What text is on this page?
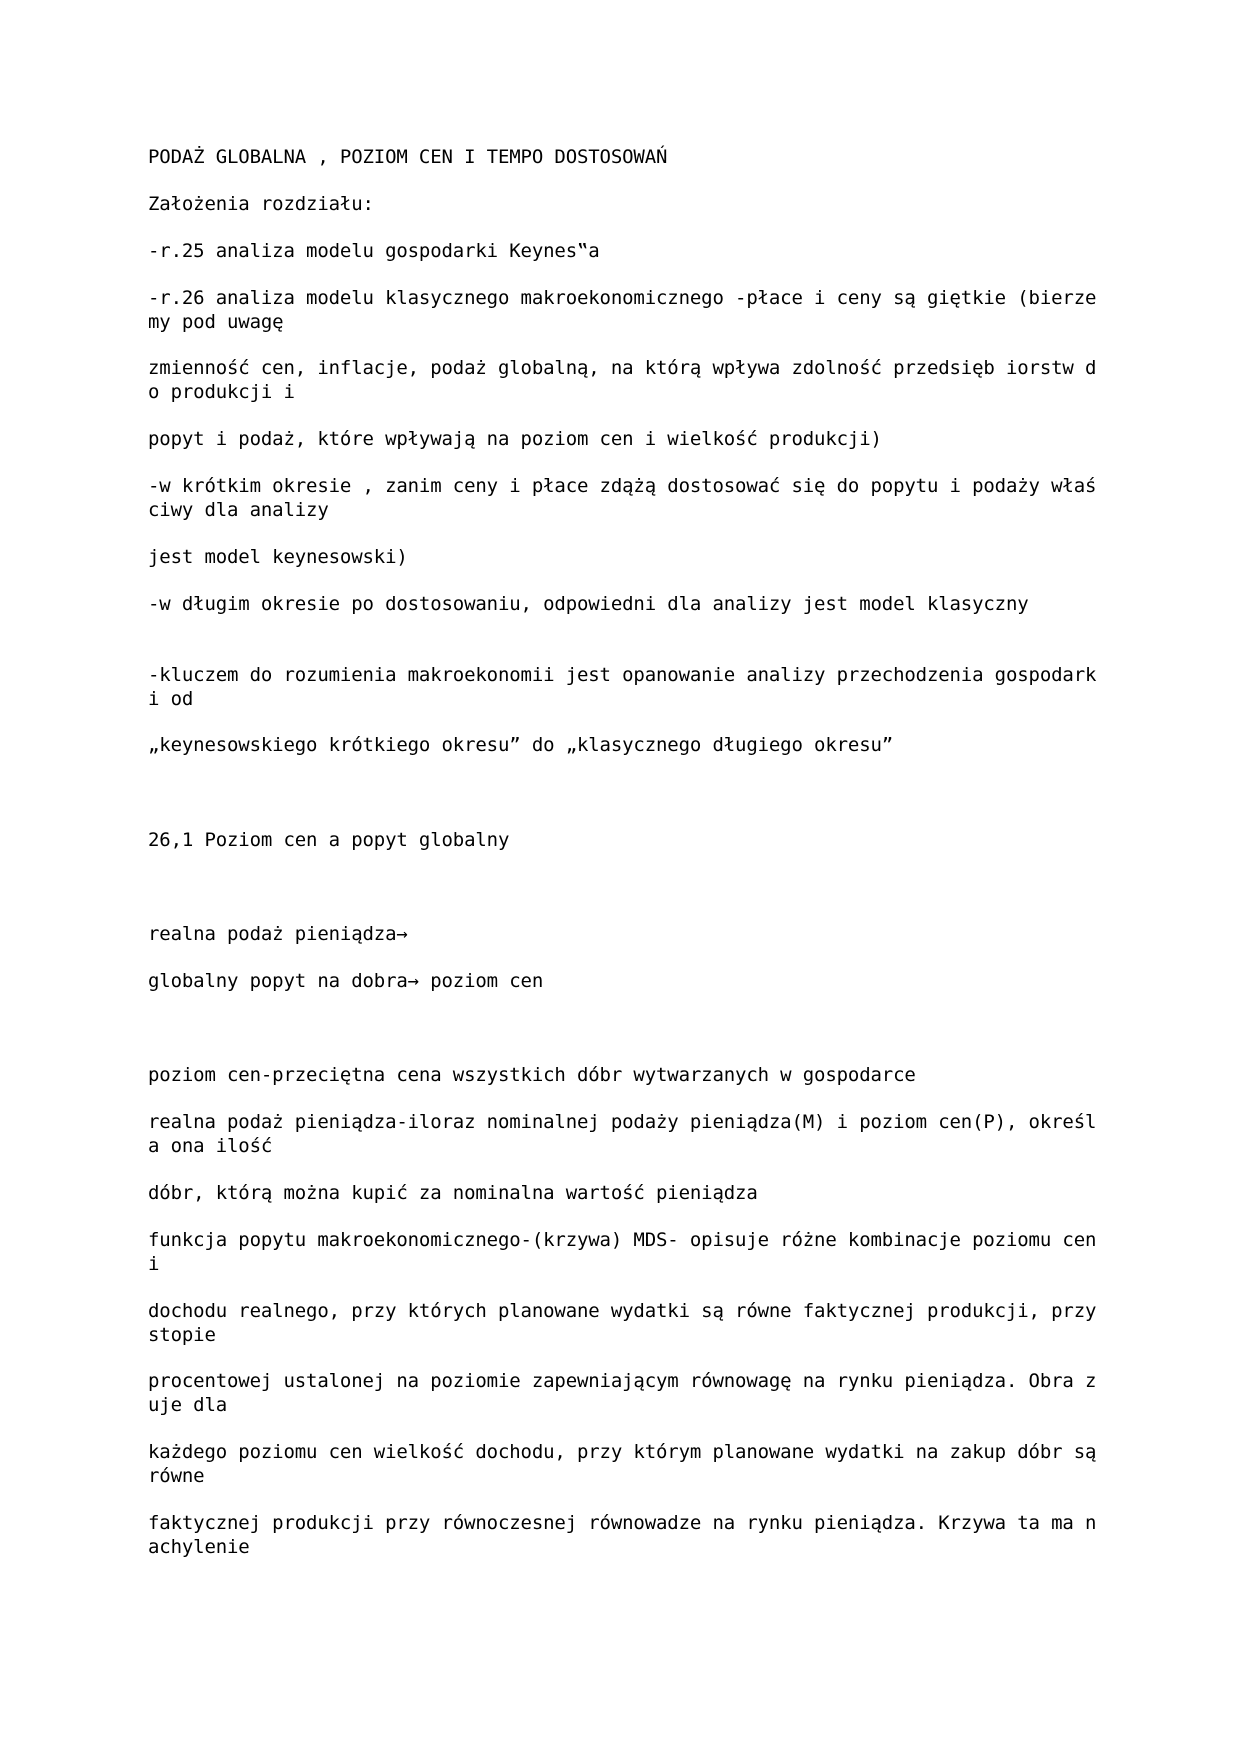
PODAŻ GLOBALNA , POZIOM CEN I TEMPO DOSTOSOWAŃ

Założenia rozdziału:

-r.25 analiza modelu gospodarki Keynes‟a

-r.26 analiza modelu klasycznego makroekonomicznego -płace i ceny są giętkie (bierzemy pod uwagę

zmienność cen, inflacje, podaż globalną, na którą wpływa zdolność przedsięb iorstw do produkcji i

popyt i podaż, które wpływają na poziom cen i wielkość produkcji)

-w krótkim okresie , zanim ceny i płace zdążą dostosować się do popytu i podaży właściwy dla analizy

jest model keynesowski)

-w długim okresie po dostosowaniu, odpowiedni dla analizy jest model klasyczny

-kluczem do rozumienia makroekonomii jest opanowanie analizy przechodzenia gospodarki od

„keynesowskiego krótkiego okresu” do „klasycznego długiego okresu”

26,1 Poziom cen a popyt globalny

realna podaż pieniądza→

globalny popyt na dobra→ poziom cen

poziom cen-przeciętna cena wszystkich dóbr wytwarzanych w gospodarce

realna podaż pieniądza-iloraz nominalnej podaży pieniądza(M) i poziom cen(P), określa ona ilość

dóbr, którą można kupić za nominalna wartość pieniądza

funkcja popytu makroekonomicznego-(krzywa) MDS- opisuje różne kombinacje poziomu ceni

dochodu realnego, przy których planowane wydatki są równe faktycznej produkcji, przy stopie

procentowej ustalonej na poziomie zapewniającym równowagę na rynku pieniądza. Obra zuje dla

każdego poziomu cen wielkość dochodu, przy którym planowane wydatki na zakup dóbr są równe

faktycznej produkcji przy równoczesnej równowadze na rynku pieniądza. Krzywa ta ma nachylenie
